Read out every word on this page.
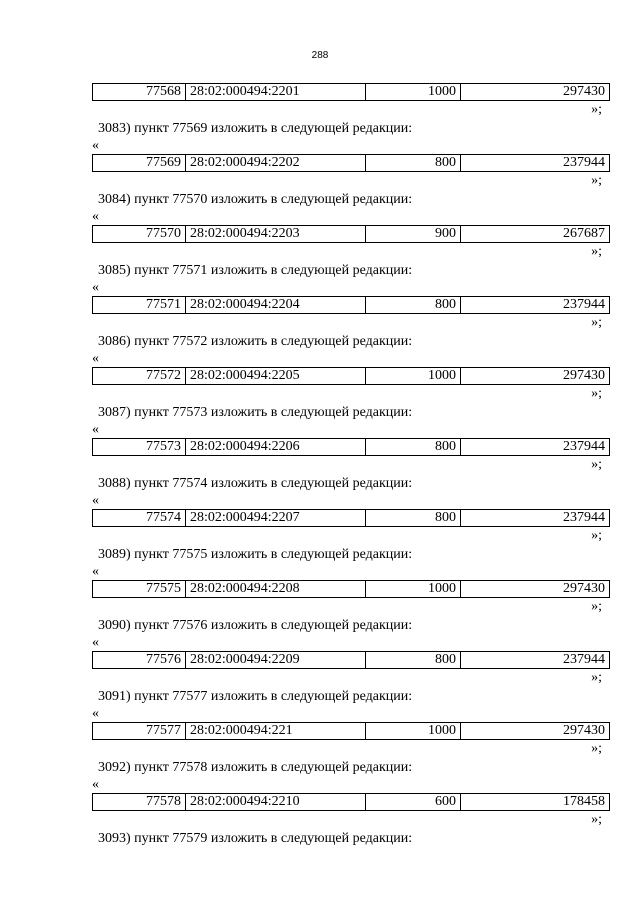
288
77568	28:02:000494:2201	1000	297430
»;
3083) пункт 77569 изложить в следующей редакции:
«
77569	28:02:000494:2202	800	237944
»;
3084) пункт 77570 изложить в следующей редакции:
«
77570	28:02:000494:2203	900	267687
»;
3085) пункт 77571 изложить в следующей редакции:
«
77571	28:02:000494:2204	800	237944
»;
3086) пункт 77572 изложить в следующей редакции:
«
77572	28:02:000494:2205	1000	297430
»;
3087) пункт 77573 изложить в следующей редакции:
«
77573	28:02:000494:2206	800	237944
»;
3088) пункт 77574 изложить в следующей редакции:
«
77574	28:02:000494:2207	800	237944
»;
3089) пункт 77575 изложить в следующей редакции:
«
77575	28:02:000494:2208	1000	297430
»;
3090) пункт 77576 изложить в следующей редакции:
«
77576	28:02:000494:2209	800	237944
»;
3091) пункт 77577 изложить в следующей редакции:
«
77577	28:02:000494:221	1000	297430
»;
3092) пункт 77578 изложить в следующей редакции:
«
77578	28:02:000494:2210	600	178458
»;
3093) пункт 77579 изложить в следующей редакции:
